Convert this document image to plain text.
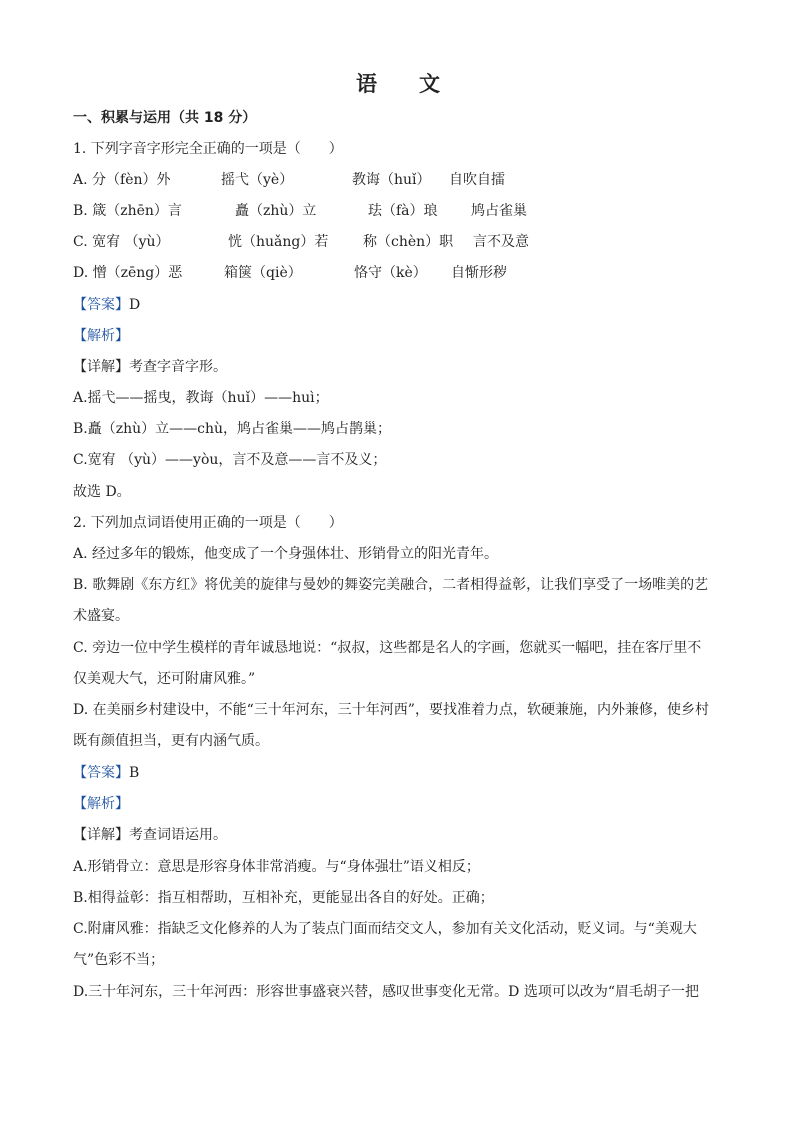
语文
一、积累与运用（共 18 分）
1. 下列字音字形完全正确的一项是（　　）
A. 分（fèn）外	摇弋（yè）	教诲（huǐ） 自吹自擂
B. 箴（zhēn）言	矗（zhù）立	珐（fà）琅 鸠占雀巢
C. 宽宥 （yù）	恍（huǎng）若 称（chèn）职 言不及意
D. 憎（zēng）恶	箱箧（qiè）	恪守（kè） 自惭形秽
【答案】D
【解析】
【详解】考查字音字形。
A.摇弋——摇曳，教诲（huǐ）——huì；
B.矗（zhù）立——chù，鸠占雀巢——鸠占鹊巢；
C.宽宥 （yù）——yòu，言不及意——言不及义；
故选 D。
2. 下列加点词语使用正确的一项是（　　）
A. 经过多年的锻炼，他变成了一个身强体壮、形销骨立的阳光青年。
B. 歌舞剧《东方红》将优美的旋律与曼妙的舞姿完美融合，二者相得益彰，让我们享受了一场唯美的艺
术盛宴。
C. 旁边一位中学生模样的青年诚恳地说：“叔叔，这些都是名人的字画，您就买一幅吧，挂在客厅里不
仅美观大气，还可附庸风雅。”
D. 在美丽乡村建设中，不能“三十年河东，三十年河西”，要找准着力点，软硬兼施，内外兼修，使乡村
既有颜值担当，更有内涵气质。
【答案】B
【解析】
【详解】考查词语运用。
A.形销骨立：意思是形容身体非常消瘦。与“身体强壮”语义相反；
B.相得益彰：指互相帮助，互相补充，更能显出各自的好处。正确；
C.附庸风雅：指缺乏文化修养的人为了装点门面而结交文人，参加有关文化活动，贬义词。与“美观大
气”色彩不当；
D.三十年河东，三十年河西：形容世事盛衰兴替，感叹世事变化无常。D 选项可以改为“眉毛胡子一把
